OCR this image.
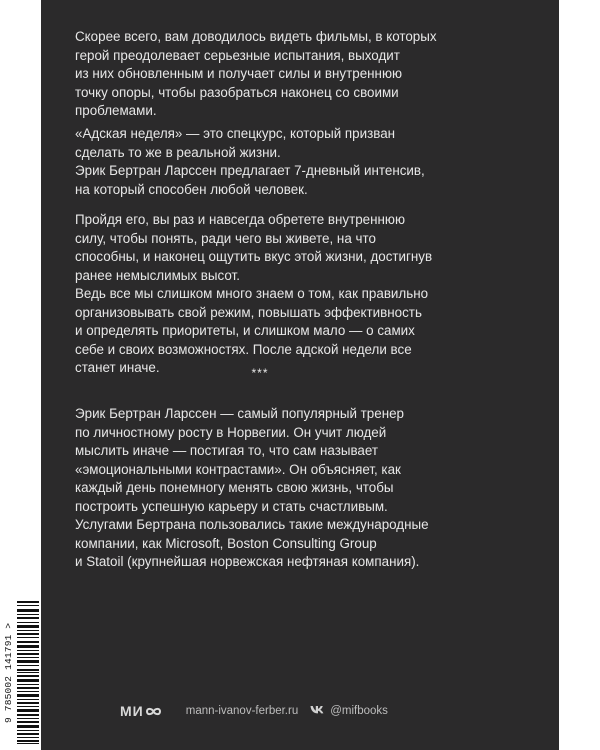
Скорее всего, вам доводилось видеть фильмы, в которых
герой преодолевает серьезные испытания, выходит
из них обновленным и получает силы и внутреннюю
точку опоры, чтобы разобраться наконец со своими
проблемами.
«Адская неделя» — это спецкурс, который призван
сделать то же в реальной жизни.
Эрик Бертран Ларссен предлагает 7-дневный интенсив,
на который способен любой человек.
Пройдя его, вы раз и навсегда обретете внутреннюю
силу, чтобы понять, ради чего вы живете, на что
способны, и наконец ощутить вкус этой жизни, достигнув
ранее немыслимых высот.
Ведь все мы слишком много знаем о том, как правильно
организовывать свой режим, повышать эффективность
и определять приоритеты, и слишком мало — о самих
себе и своих возможностях. После адской недели все
станет иначе.	***
Эрик Бертран Ларссен — самый популярный тренер
по личностному росту в Норвегии. Он учит людей
мыслить иначе — постигая то, что сам называет
«эмоциональными контрастами». Он объясняет, как
каждый день понемногу менять свою жизнь, чтобы
построить успешную карьеру и стать счастливым.
Услугами Бертрана пользовались такие международные
компании, как Microsoft, Boston Consulting Group
и Statoil (крупнейшая норвежская нефтяная компания).
9 785002 141791 >	МИ	mann-ivanov-ferber.ru	@mifbooks
